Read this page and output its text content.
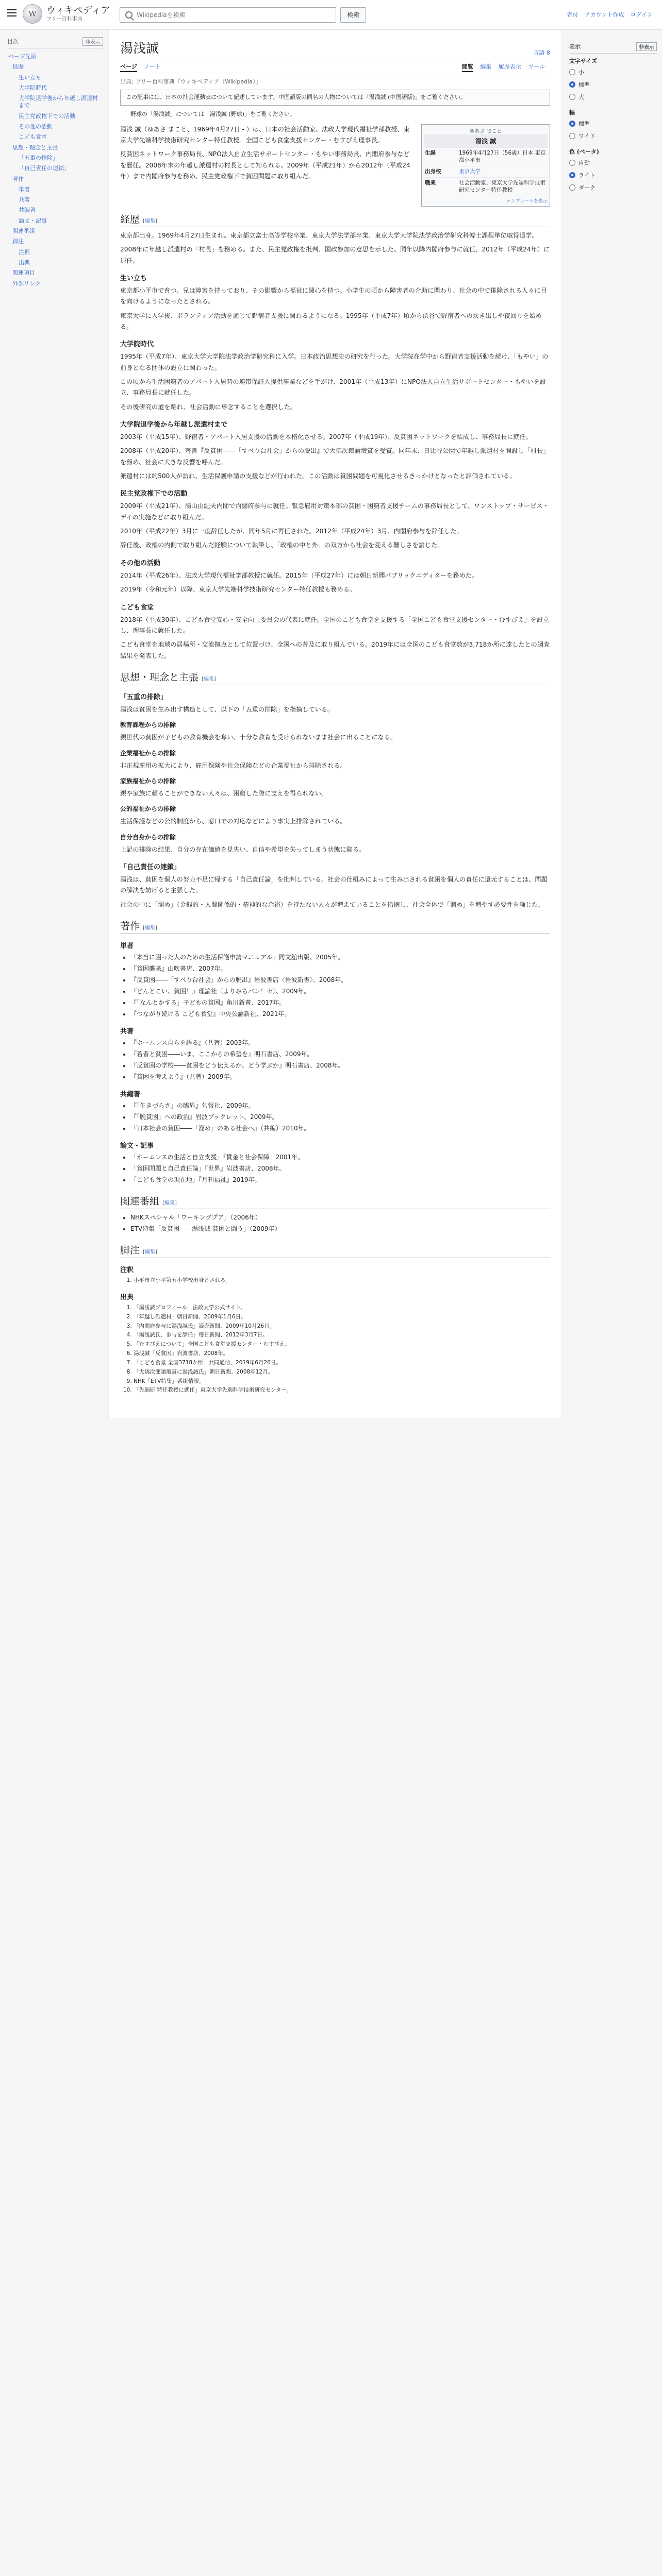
W	ウィキペディア
フリー百科事典
Wikipediaを検索
検索	寄付 アカウント作成 ログイン
目次	非表示
ページ先頭
経歴
生い立ち
大学院時代
大学院退学後から年越し派遣村まで
民主党政権下での活動
その他の活動
こども食堂
思想・理念と主張
「五重の排除」
「自己責任の連鎖」
著作
単著
共著
共編著
論文・記事
関連番組
脚注
注釈
出典
関連項目
外部リンク
湯浅誠	言語 8
ページ ノート	閲覧 編集 履歴表示 ツール
出典: フリー百科事典『ウィキペディア（Wikipedia）』
この記事には、日本の社会運動家について記述しています。中国語版の同名の人物については「湯浅誠 (中国語版)」をご覧ください。
野球の「湯浅誠」については「湯浅誠 (野球)」をご覧ください。
ゆあさ まこと
湯浅 誠
生誕	1969年4月27日（56歳）日本 東京都小平市
出身校	東京大学
職業	社会活動家、東京大学先端科学技術研究センター特任教授
テンプレートを表示

湯浅 誠（ゆあさ まこと、1969年4月27日 - ）は、日本の社会活動家、法政大学現代福祉学部教授、東京大学先端科学技術研究センター特任教授。全国こども食堂支援センター・むすびえ理事長。

反貧困ネットワーク事務局長、NPO法人自立生活サポートセンター・もやい事務局長、内閣府参与などを歴任。2008年末の年越し派遣村の村長として知られる。2009年（平成21年）から2012年（平成24年）まで内閣府参与を務め、民主党政権下で貧困問題に取り組んだ。

経歴 [編集]

東京都出身。1969年4月27日生まれ。東京都立富士高等学校卒業、東京大学法学部卒業、東京大学大学院法学政治学研究科博士課程単位取得退学。

2008年に年越し派遣村の「村長」を務める。また、民主党政権を批判、国政参加の意思を示した。同年以降内閣府参与に就任、2012年（平成24年）に退任。

生い立ち

東京都小平市で育つ。兄は障害を持っており、その影響から福祉に関心を持つ。小学生の頃から障害者の介助に関わり、社会の中で排除される人々に目を向けるようになったとされる。

東京大学に入学後、ボランティア活動を通じて野宿者支援に関わるようになる。1995年（平成7年）頃から渋谷で野宿者への炊き出しや夜回りを始める。

大学院時代

1995年（平成7年）、東京大学大学院法学政治学研究科に入学。日本政治思想史の研究を行った。大学院在学中から野宿者支援活動を続け、「もやい」の前身となる団体の設立に関わった。

この頃から生活困窮者のアパート入居時の連帯保証人提供事業などを手がけ、2001年（平成13年）にNPO法人自立生活サポートセンター・もやいを設立、事務局長に就任した。

その後研究の道を離れ、社会活動に専念することを選択した。

大学院退学後から年越し派遣村まで

2003年（平成15年）、野宿者・アパート入居支援の活動を本格化させる。2007年（平成19年）、反貧困ネットワークを結成し、事務局長に就任。

2008年（平成20年）、著書『反貧困――「すべり台社会」からの脱出』で大佛次郎論壇賞を受賞。同年末、日比谷公園で年越し派遣村を開設し「村長」を務め、社会に大きな反響を呼んだ。

派遣村には約500人が訪れ、生活保護申請の支援などが行われた。この活動は貧困問題を可視化させるきっかけとなったと評価されている。

民主党政権下での活動

2009年（平成21年）、鳩山由紀夫内閣で内閣府参与に就任。緊急雇用対策本部の貧困・困窮者支援チームの事務局長として、ワンストップ・サービス・デイの実施などに取り組んだ。

2010年（平成22年）3月に一度辞任したが、同年5月に再任された。2012年（平成24年）3月、内閣府参与を辞任した。

辞任後、政権の内側で取り組んだ経験について執筆し、「政権の中と外」の双方から社会を変える難しさを論じた。

その他の活動

2014年（平成26年）、法政大学現代福祉学部教授に就任。2015年（平成27年）には朝日新聞パブリックエディターを務めた。

2019年（令和元年）以降、東京大学先端科学技術研究センター特任教授も務める。

こども食堂

2018年（平成30年）、こども食堂安心・安全向上委員会の代表に就任。全国のこども食堂を支援する「全国こども食堂支援センター・むすびえ」を設立し、理事長に就任した。

こども食堂を地域の居場所・交流拠点として位置づけ、全国への普及に取り組んでいる。2019年には全国のこども食堂数が3,718か所に達したとの調査結果を発表した。

思想・理念と主張 [編集]
「五重の排除」

湯浅は貧困を生み出す構造として、以下の「五重の排除」を指摘している。

教育課程からの排除

親世代の貧困が子どもの教育機会を奪い、十分な教育を受けられないまま社会に出ることになる。

企業福祉からの排除

非正規雇用の拡大により、雇用保険や社会保険などの企業福祉から排除される。

家族福祉からの排除

親や家族に頼ることができない人々は、困窮した際に支えを得られない。

公的福祉からの排除

生活保護などの公的制度から、窓口での対応などにより事実上排除されている。

自分自身からの排除

上記の排除の結果、自分の存在価値を見失い、自信や希望を失ってしまう状態に陥る。

「自己責任の連鎖」

湯浅は、貧困を個人の努力不足に帰する「自己責任論」を批判している。社会の仕組みによって生み出される貧困を個人の責任に還元することは、問題の解決を妨げると主張した。

社会の中に「溜め」（金銭的・人間関係的・精神的な余裕）を持たない人々が増えていることを指摘し、社会全体で「溜め」を増やす必要性を論じた。

著作 [編集]
単著
• 『本当に困った人のための生活保護申請マニュアル』同文舘出版、2005年。
• 『貧困襲来』山吹書店、2007年。
• 『反貧困――「すべり台社会」からの脱出』岩波書店〈岩波新書〉、2008年。
• 『どんとこい、貧困！』理論社〈よりみちパン！セ〉、2009年。
• 『「なんとかする」子どもの貧困』角川新書、2017年。
• 『つながり続ける こども食堂』中央公論新社、2021年。
共著
• 『ホームレス自らを語る』（共著）2003年。
• 『若者と貧困――いま、ここからの希望を』明石書店、2009年。
• 『反貧困の学校――貧困をどう伝えるか、どう学ぶか』明石書店、2008年。
• 『貧困を考えよう』（共著）2009年。
共編著
• 『「生きづらさ」の臨界』旬報社、2009年。
• 『「脱貧困」への政治』岩波ブックレット、2009年。
• 『日本社会の貧困――「溜め」のある社会へ』（共編）2010年。
論文・記事
• 「ホームレスの生活と自立支援」『賃金と社会保障』2001年。
• 「貧困問題と自己責任論」『世界』岩波書店、2008年。
• 「こども食堂の現在地」『月刊福祉』2019年。
関連番組 [編集]
• NHKスペシャル「ワーキングプア」（2006年）
• ETV特集「反貧困――湯浅誠 貧困と闘う」（2009年）
脚注 [編集]
注釈
1. 小平市立小平第五小学校出身とされる。
出典
1. 「湯浅誠プロフィール」法政大学公式サイト。
2. 「年越し派遣村」朝日新聞、2009年1月6日。
3. 「内閣府参与に湯浅誠氏」読売新聞、2009年10月26日。
4. 「湯浅誠氏、参与を辞任」毎日新聞、2012年3月7日。
5. 「むすびえについて」全国こども食堂支援センター・むすびえ。
6. 湯浅誠『反貧困』岩波書店、2008年。
7. 「こども食堂 全国3718か所」共同通信、2019年6月26日。
8. 「大佛次郎論壇賞に湯浅誠氏」朝日新聞、2008年12月。
9. NHK「ETV特集」番組情報。
10. 「先端研 特任教授に就任」東京大学先端科学技術研究センター。
表示	非表示
文字サイズ
小
標準
大
幅
標準
ワイド
色 (ベータ)
自動
ライト
ダーク
